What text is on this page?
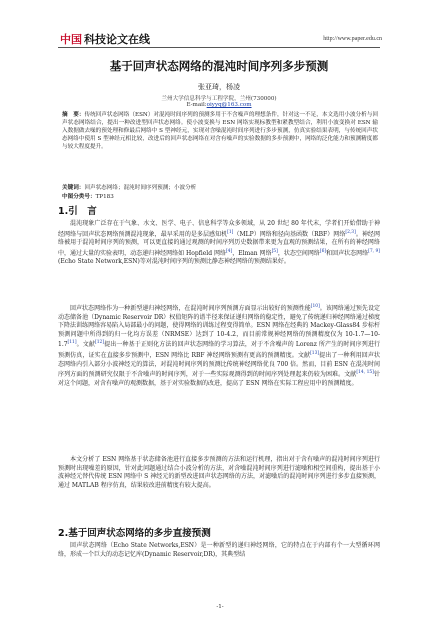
中国 科技论文在线	http://www.paper.edu.cn
基于回声状态网络的混沌时间序列多步预测
张亚琦，杨凌
兰州大学信息科学与工程学院，兰州(730000)
E-mail:oiyyq@163.com
摘　要：传统回声状态网络（ESN）对混沌时间序列的预测多用于不含噪声的理想条件，针对这一不足，本文选用小波分析与回声状态网络结合，提出一种改进型回声状态网络。使小波变换与 ESN 网络实现标教型和紧教型结合，利用小波变换对 ESN 输入数据做去噪的预处理和修最后网络中 S 型神经元，实现对含噪混沌时间序列进行多步预测，仿真实验结果表明，与传统回声状态网络中使用 S 型神经元相比较，改进后的回声状态网络在对含有噪声的实验数据的多步预测中，网络的泛化能力和预测精度都与较大程度提升。
关键词：回声状态网络；混沌时间序列预测；小波分析
中图分类号：TP183
1.引　言
混沌现象广泛存在于气象、水文、医学、电子、信息科学等众多领域，从 20 世纪 80 年代末，学者们开始借助于神经网络与回声状态网络预测混沌现象，最早采用的是多层感知机[1]（MLP）网络和径向基函数（RBF）网络[2,3]。神经网络被用于混沌时间序列的预测，可以更直接的通过观测的时间序列历史数据带来更为直观的预测结果，在所有的神经网络中，通过大量的实验表明，动态递归神经网络如 Hopfield 网络[4]，Elman 网络[5]，状态空间网络[6]和回声状态网络[7, 9](Echo State Network,ESN)等对混沌时间序列的预测比静态神经网络的预测结果好。
回声状态网络作为一种新型递归神经网络，在混沌时间序列预测方面显示出较好的预测性能[10]。该网络通过预先设定动态储备池（Dynamic Reservoir DR）权值矩阵的谱半径来保证递归网络的稳定性，避免了传统递归神经网络通过梯度下降法训练网络容易陷入局部最小的问题，使得网络的训练过程变得简单。ESN 网络在经典的 Mackey-Glass84 步标杆预测问题中所得到的归一化均方误差（NRMSE）达到了 10-4.2，而目前常规神经网络的预测精度仅为 10-1.7—10-1.7[11]。文献[12]提出一种基于正则化方法的回声状态网络的学习算法，对于不含噪声的 Lorenz 所产生的时间序列进行预测仿真，证实在直接多步预测中，ESN 网络比 RBF 神经网络预测有更高的预测精度。文献[13]提出了一种利用回声状态网络内引入部分小波神经元的算法，对混沌时间序列的预测比传统神经网络优良 700 倍。然而，目前 ESN 在混沌时间序列方面的预测研究仅限于不含噪声的时间序列，对于一些实际观测得到的时间序列处理起来仍较为困难。文献[14, 15]针对这个问题，对含有噪声的观测数据，基于对实验数据的改进，提高了 ESN 网络在实际工程应用中的预测精度。
本文分析了 ESN 网络基于状态储备池进行直接多步预测的方法和运行机理，指出对于含有噪声的混沌时间序列进行预测时出现噪差的原因，针对此问题通过结合小波分析的方法，对含噪混沌时间序列进行滤噪和相空间重构，提出基于小波神经元替代传统 ESN 网络中 S 神经元的新型改进回声状态网络的方法，对滤噪后的混沌时间序列进行多步直接预测，通过 MATLAB 程序仿真，结果较改进前精度有较大提高。
2.基于回声状态网络的多步直接预测
回声状态网络（Echo State Networks,ESN）是一种新型的递归神经网络，它的特点在于内部有个一大型循环网络，形成一个巨大的动态记忆库(Dynamic Reservoir,DR)，其典型结
-1-
